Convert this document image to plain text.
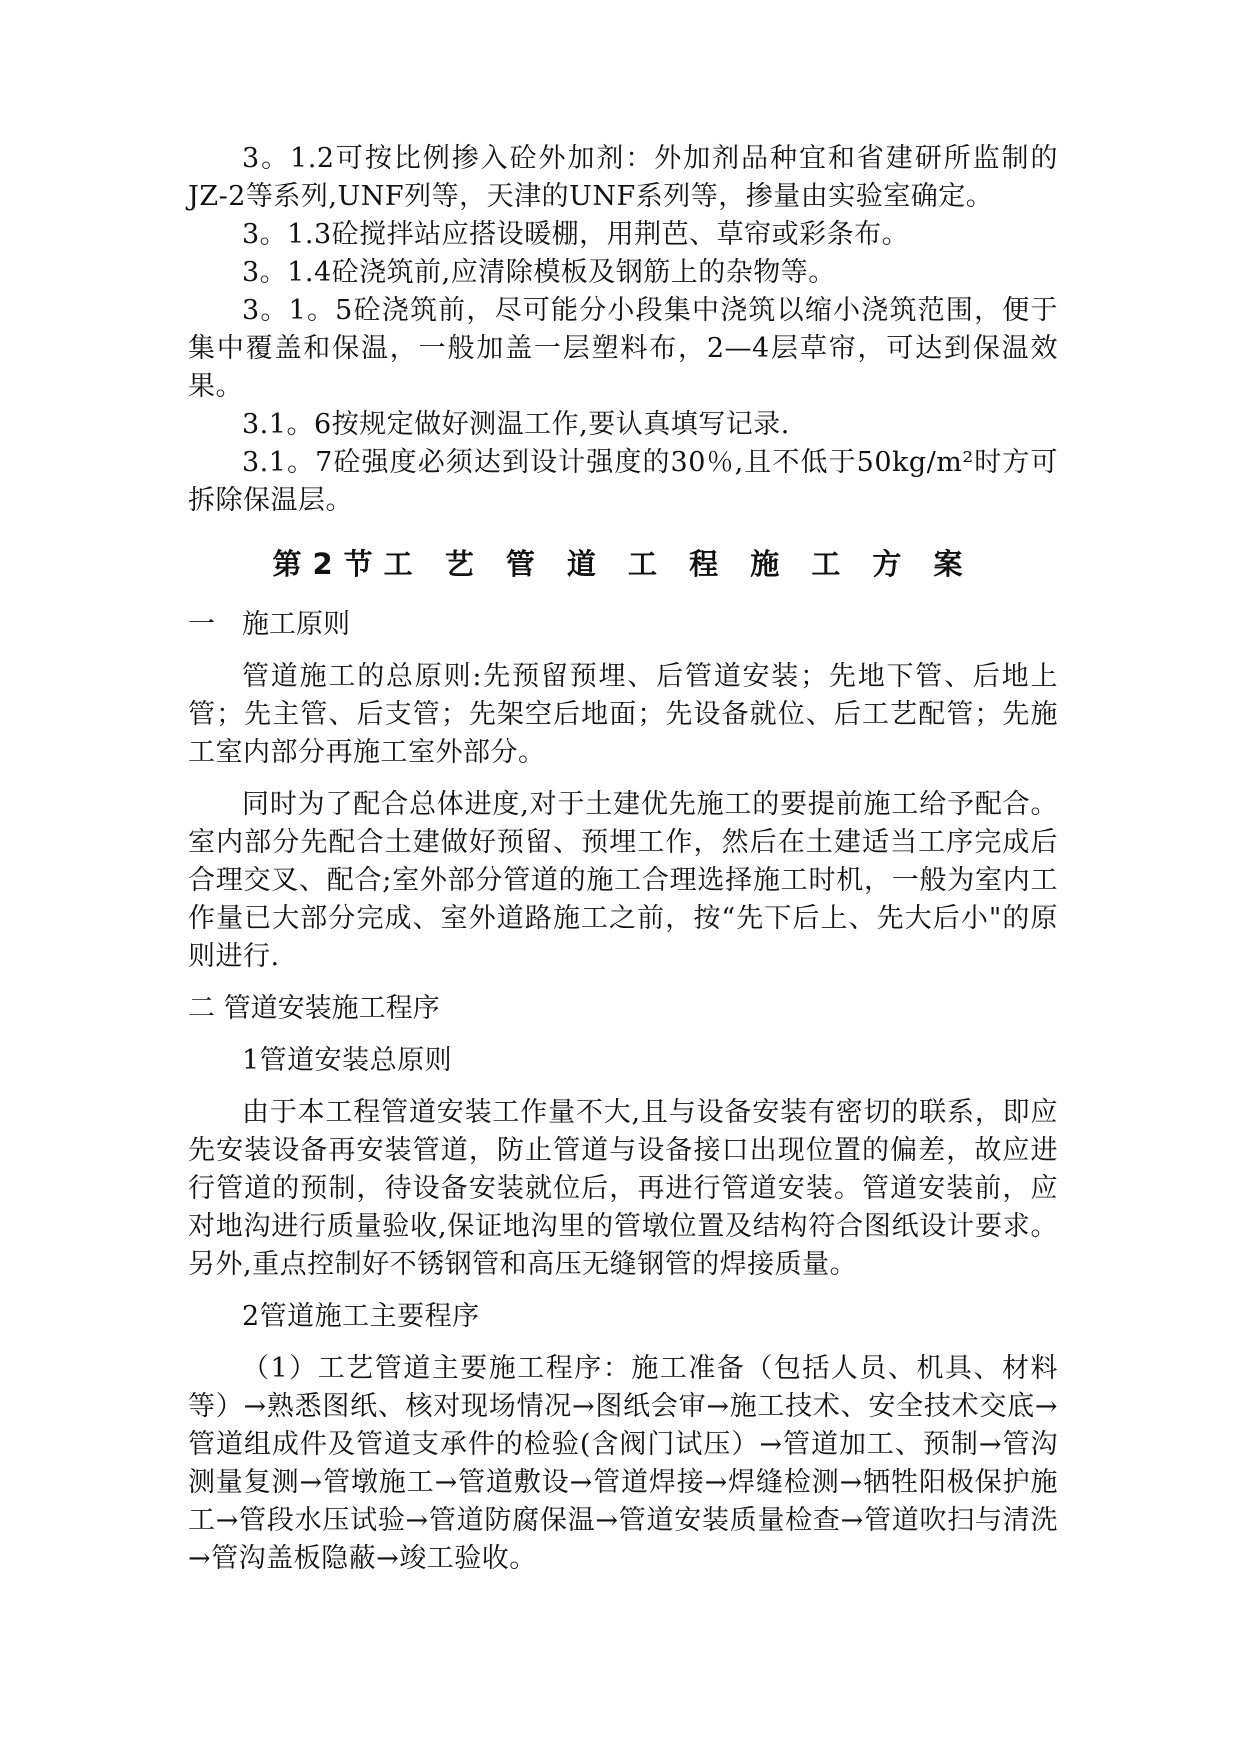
3。1.2可按比例掺入砼外加剂：外加剂品种宜和省建研所监制的JZ-2等系列,UNF列等，天津的UNF系列等，掺量由实验室确定。

3。1.3砼搅拌站应搭设暖棚，用荆芭、草帘或彩条布。

3。1.4砼浇筑前,应清除模板及钢筋上的杂物等。

3。1。5砼浇筑前，尽可能分小段集中浇筑以缩小浇筑范围，便于集中覆盖和保温，一般加盖一层塑料布，2—4层草帘，可达到保温效果。

3.1。6按规定做好测温工作,要认真填写记录.

3.1。7砼强度必须达到设计强度的30％,且不低于50kg/m²时方可拆除保温层。

第2节工 艺 管 道 工 程 施 工 方 案

一　施工原则

管道施工的总原则:先预留预埋、后管道安装；先地下管、后地上管；先主管、后支管；先架空后地面；先设备就位、后工艺配管；先施工室内部分再施工室外部分。

同时为了配合总体进度,对于土建优先施工的要提前施工给予配合。室内部分先配合土建做好预留、预埋工作，然后在土建适当工序完成后合理交叉、配合;室外部分管道的施工合理选择施工时机，一般为室内工作量已大部分完成、室外道路施工之前，按“先下后上、先大后小"的原则进行.

二 管道安装施工程序

1管道安装总原则

由于本工程管道安装工作量不大,且与设备安装有密切的联系，即应先安装设备再安装管道，防止管道与设备接口出现位置的偏差，故应进行管道的预制，待设备安装就位后，再进行管道安装。管道安装前，应对地沟进行质量验收,保证地沟里的管墩位置及结构符合图纸设计要求。另外,重点控制好不锈钢管和高压无缝钢管的焊接质量。

2管道施工主要程序

（1）工艺管道主要施工程序：施工准备（包括人员、机具、材料等）→熟悉图纸、核对现场情况→图纸会审→施工技术、安全技术交底→管道组成件及管道支承件的检验(含阀门试压）→管道加工、预制→管沟测量复测→管墩施工→管道敷设→管道焊接→焊缝检测→牺牲阳极保护施工→管段水压试验→管道防腐保温→管道安装质量检查→管道吹扫与清洗→管沟盖板隐蔽→竣工验收。
